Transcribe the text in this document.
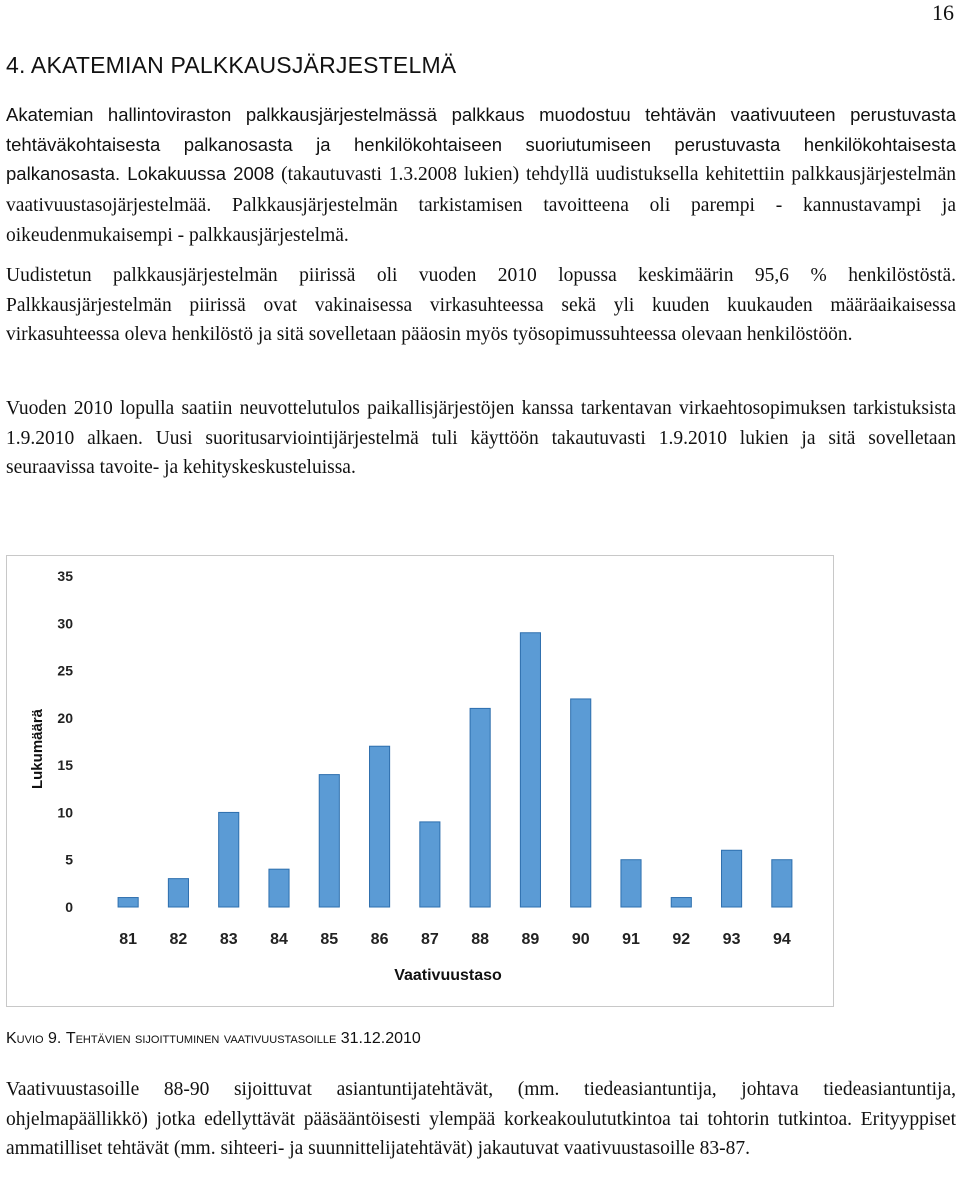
16
4. AKATEMIAN PALKKAUSJÄRJESTELMÄ

Akatemian hallintoviraston palkkausjärjestelmässä palkkaus muodostuu tehtävän vaativuuteen perustuvasta tehtäväkohtaisesta palkanosasta ja henkilökohtaiseen suoriutumiseen perustuvasta henkilökohtaisesta palkanosasta. Lokakuussa 2008 (takautuvasti 1.3.2008 lukien) tehdyllä uudistuksella kehitettiin palkkausjärjestelmän vaativuustasojärjestelmää. Palkkausjärjestelmän tarkistamisen tavoitteena oli parempi - kannustavampi ja oikeudenmukaisempi - palkkausjärjestelmä.

Uudistetun palkkausjärjestelmän piirissä oli vuoden 2010 lopussa keskimäärin 95,6 % henkilöstöstä. Palkkausjärjestelmän piirissä ovat vakinaisessa virkasuhteessa sekä yli kuuden kuukauden määräaikaisessa virkasuhteessa oleva henkilöstö ja sitä sovelletaan pääosin myös työsopimussuhteessa olevaan henkilöstöön.

Vuoden 2010 lopulla saatiin neuvottelutulos paikallisjärjestöjen kanssa tarkentavan virkaehtosopimuksen tarkistuksista 1.9.2010 alkaen. Uusi suoritusarviointijärjestelmä tuli käyttöön takautuvasti 1.9.2010 lukien ja sitä sovelletaan seuraavissa tavoite- ja kehityskeskusteluissa.

0
5
10
15
20
25
30
35
81 82 83 84 85 86 87 88 89 90 91 92 93 94
Vaativuustaso
Lukumäärä
Kuvio 9. Tehtävien sijoittuminen vaativuustasoille 31.12.2010

Vaativuustasoille 88-90 sijoittuvat asiantuntijatehtävät, (mm. tiedeasiantuntija, johtava tiedeasiantuntija, ohjelmapäällikkö) jotka edellyttävät pääsääntöisesti ylempää korkeakoulututkintoa tai tohtorin tutkintoa. Erityyppiset ammatilliset tehtävät (mm. sihteeri- ja suunnittelijatehtävät) jakautuvat vaativuustasoille 83-87.
